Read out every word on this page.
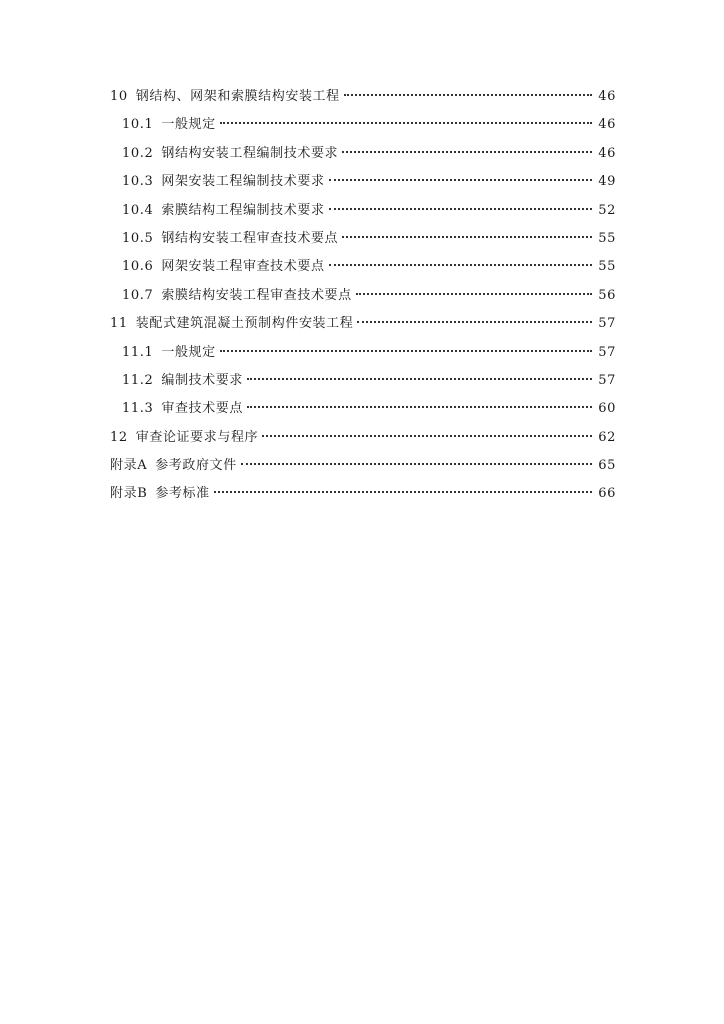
10 钢结构、网架和索膜结构安装工程	46
10.1 一般规定	46
10.2 钢结构安装工程编制技术要求	46
10.3 网架安装工程编制技术要求	49
10.4 索膜结构工程编制技术要求	52
10.5 钢结构安装工程审查技术要点	55
10.6 网架安装工程审查技术要点	55
10.7 索膜结构安装工程审查技术要点	56
11 装配式建筑混凝土预制构件安装工程	57
11.1 一般规定	57
11.2 编制技术要求	57
11.3 审查技术要点	60
12 审查论证要求与程序	62
附录A 参考政府文件	65
附录B 参考标准	66
